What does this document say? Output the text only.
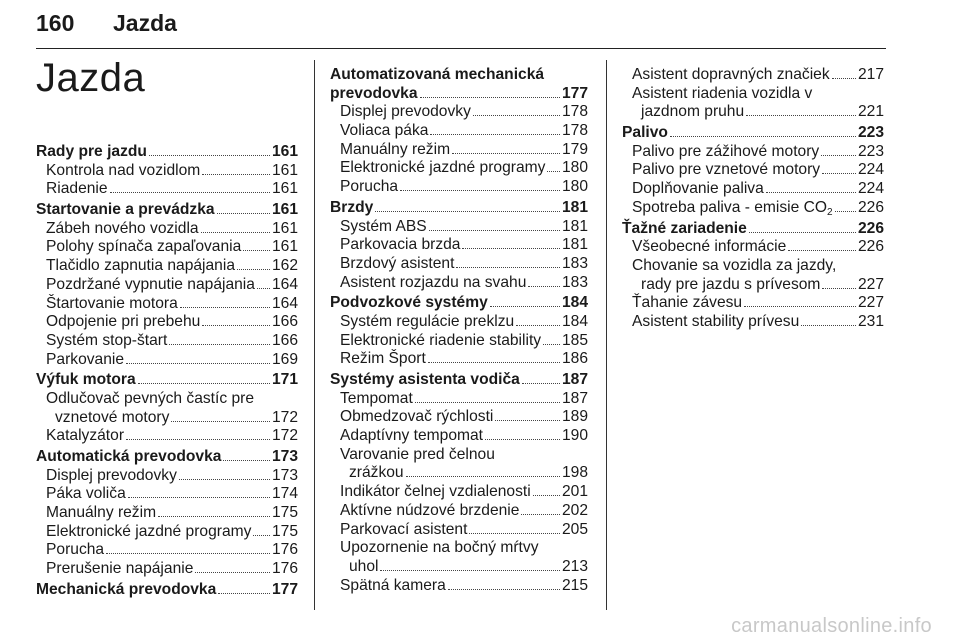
160 Jazda
Jazda
Rady pre jazdu	161
Kontrola nad vozidlom	161
Riadenie	161
Startovanie a prevádzka	161
Zábeh nového vozidla	161
Polohy spínača zapaľovania 161
Tlačidlo zapnutia napájania 162
Pozdržané vypnutie napájania 164
Štartovanie motora	164
Odpojenie pri prebehu	166
Systém stop-štart	166
Parkovanie	169
Výfuk motora	171
Odlučovač pevných častíc pre
vznetové motory	172
Katalyzátor	172
Automatická prevodovka	173
Displej prevodovky	173
Páka voliča	174
Manuálny režim	175
Elektronické jazdné programy 175
Porucha	176
Prerušenie napájanie	176
Mechanická prevodovka	177
Automatizovaná mechanická
prevodovka	177
Displej prevodovky	178
Voliaca páka	178
Manuálny režim	179
Elektronické jazdné programy 180
Porucha	180
Brzdy	181
Systém ABS	181
Parkovacia brzda	181
Brzdový asistent	183
Asistent rozjazdu na svahu 183
Podvozkové systémy	184
Systém regulácie preklzu	184
Elektronické riadenie stability 185
Režim Šport	186
Systémy asistenta vodiča	187
Tempomat	187
Obmedzovač rýchlosti	189
Adaptívny tempomat	190
Varovanie pred čelnou
zrážkou	198
Indikátor čelnej vzdialenosti 201
Aktívne núdzové brzdenie	202
Parkovací asistent	205
Upozornenie na bočný mŕtvy
uhol	213
Spätná kamera	215
Asistent dopravných značiek 217
Asistent riadenia vozidla v
jazdnom pruhu	221
Palivo	223
Palivo pre zážihové motory 223
Palivo pre vznetové motory 224
Doplňovanie paliva	224
Spotreba paliva - emisie $CO_2$ 226
Ťažné zariadenie	226
Všeobecné informácie	226
Chovanie sa vozidla za jazdy,
rady pre jazdu s prívesom 227
Ťahanie závesu	227
Asistent stability prívesu	231
carmanualsonline.info
